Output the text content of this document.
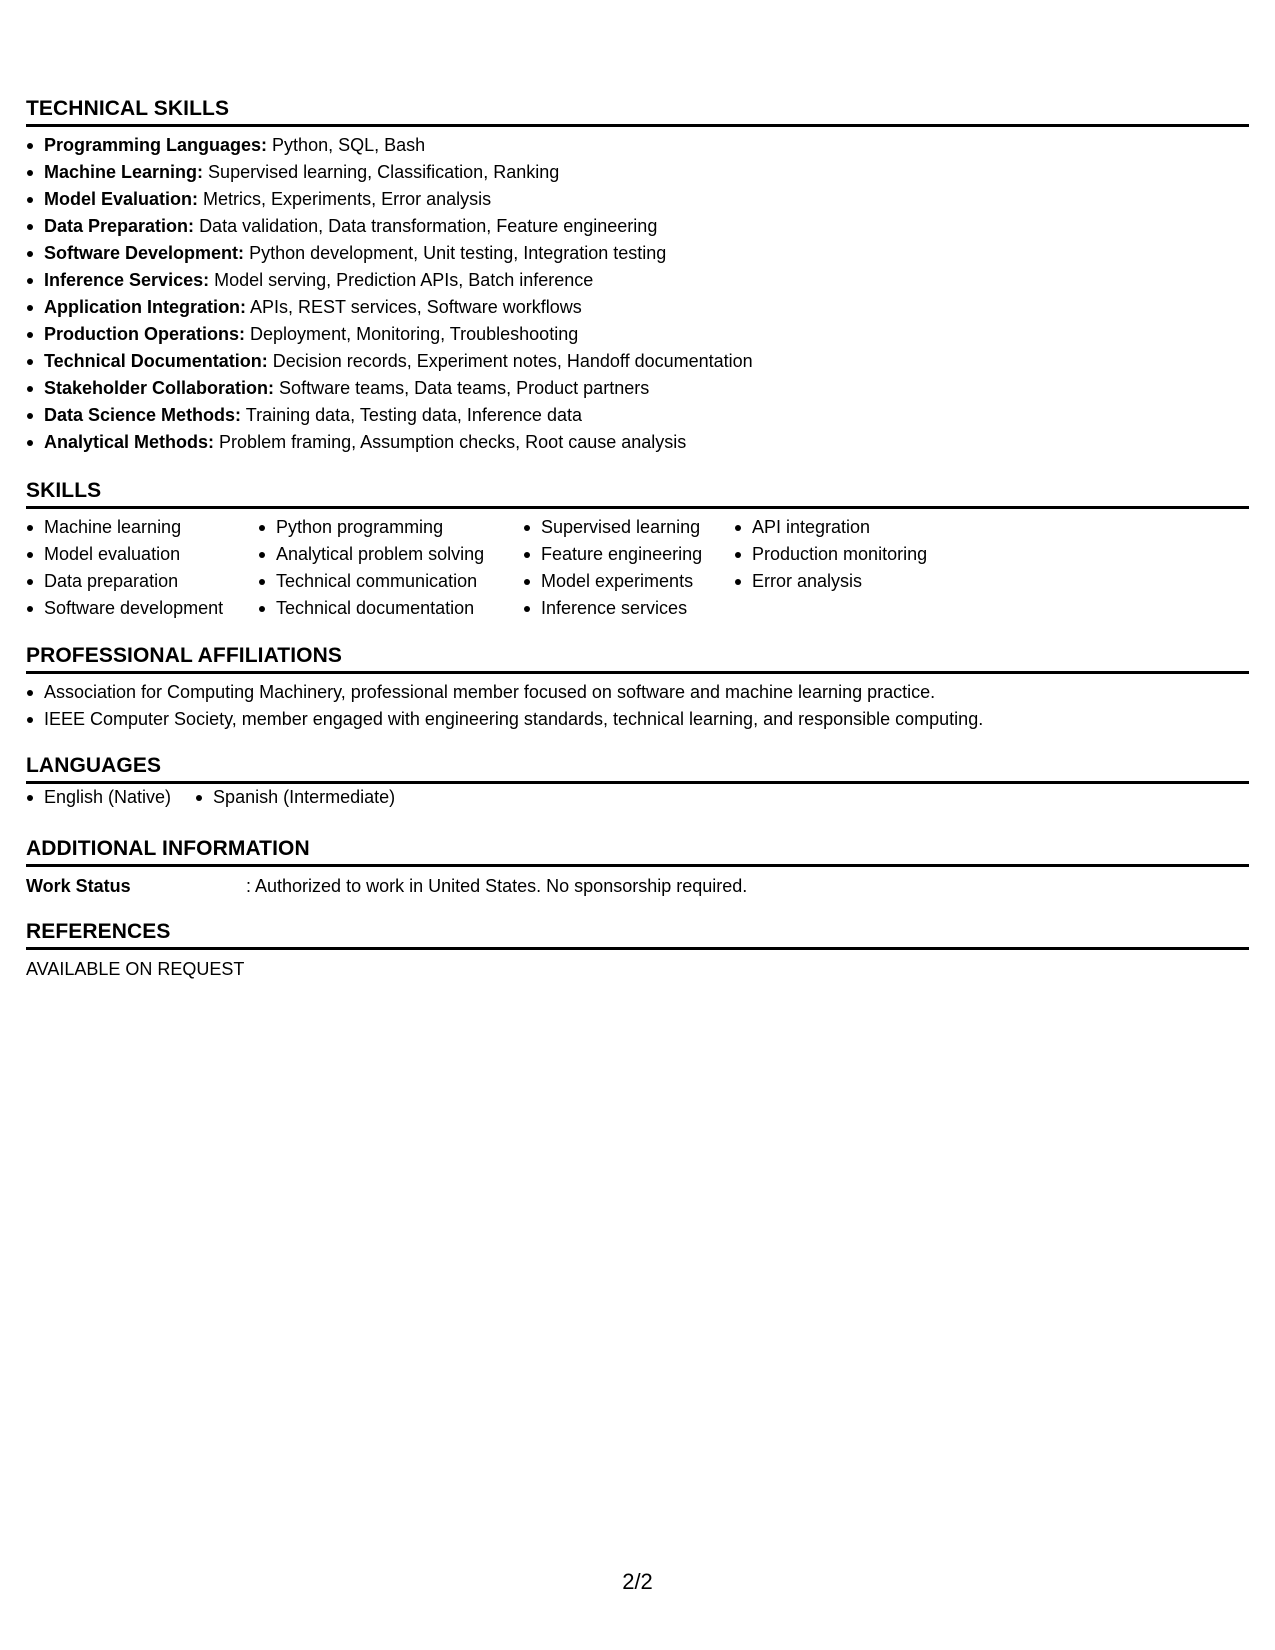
TECHNICAL SKILLS
Programming Languages: Python, SQL, Bash
Machine Learning: Supervised learning, Classification, Ranking
Model Evaluation: Metrics, Experiments, Error analysis
Data Preparation: Data validation, Data transformation, Feature engineering
Software Development: Python development, Unit testing, Integration testing
Inference Services: Model serving, Prediction APIs, Batch inference
Application Integration: APIs, REST services, Software workflows
Production Operations: Deployment, Monitoring, Troubleshooting
Technical Documentation: Decision records, Experiment notes, Handoff documentation
Stakeholder Collaboration: Software teams, Data teams, Product partners
Data Science Methods: Training data, Testing data, Inference data
Analytical Methods: Problem framing, Assumption checks, Root cause analysis
SKILLS
Machine learning
Model evaluation
Data preparation
Software development
Python programming
Analytical problem solving
Technical communication
Technical documentation
Supervised learning
Feature engineering
Model experiments
Inference services
API integration
Production monitoring
Error analysis
PROFESSIONAL AFFILIATIONS
Association for Computing Machinery, professional member focused on software and machine learning practice.
IEEE Computer Society, member engaged with engineering standards, technical learning, and responsible computing.
LANGUAGES
English (Native)	Spanish (Intermediate)
ADDITIONAL INFORMATION
Work Status	: Authorized to work in United States. No sponsorship required.
REFERENCES
AVAILABLE ON REQUEST
2/2
